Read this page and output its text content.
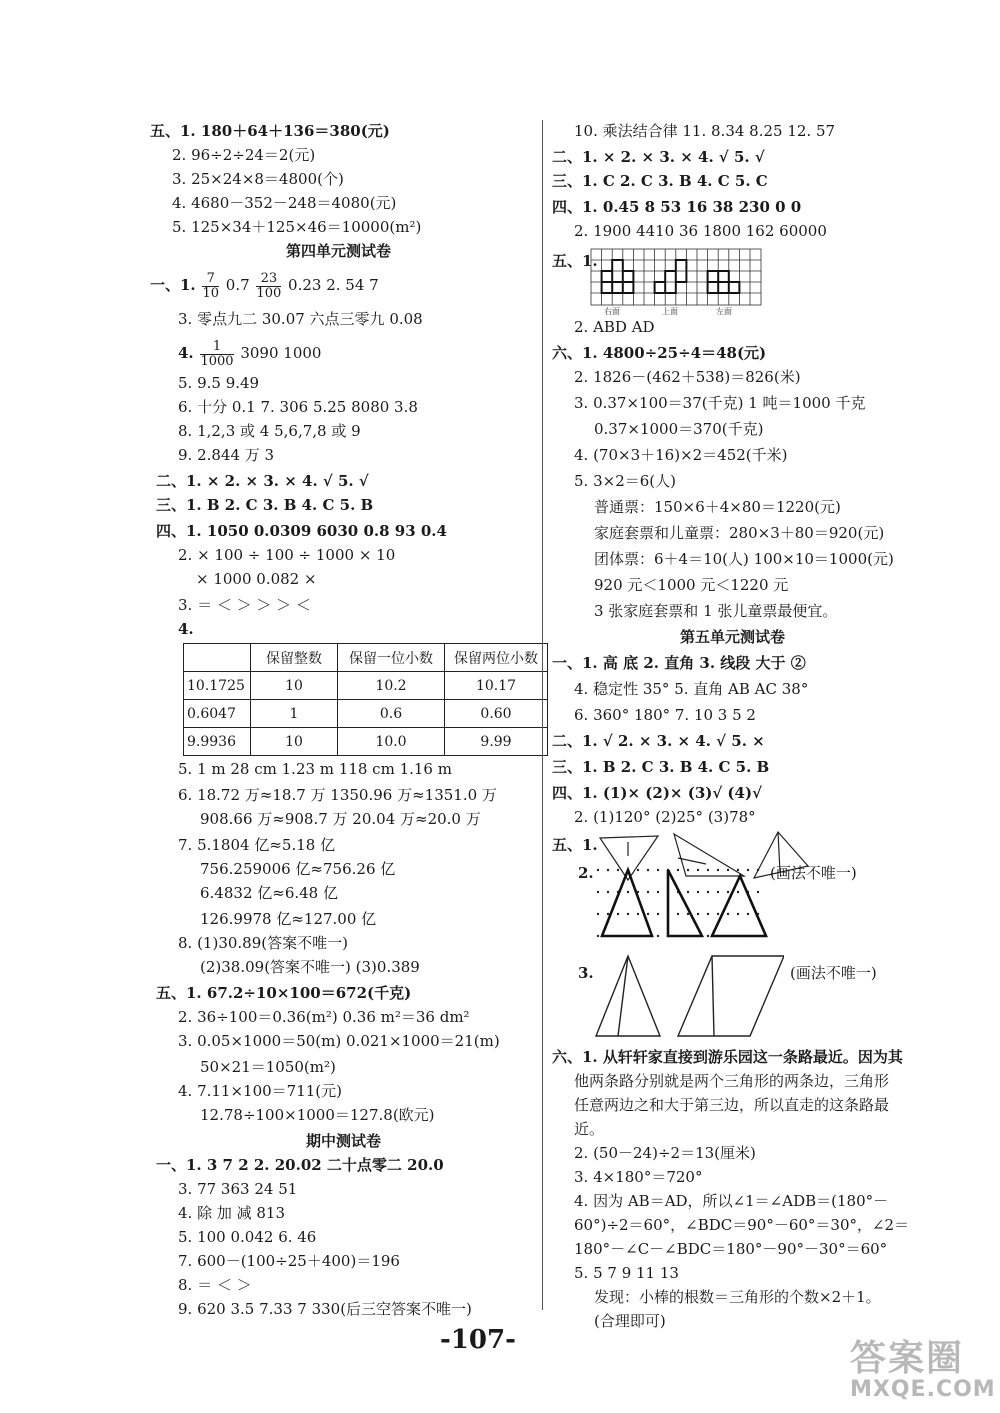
五、1. 180＋64＋136＝380(元)
2. 96÷2÷24＝2(元)
3. 25×24×8＝4800(个)
4. 4680－352－248＝4080(元)
5. 125×34＋125×46＝10000(m²)
第四单元测试卷
一、1. $\frac{7}{10} 0.7 \frac{23}{100} 0.23$ 2. 54 7
3. 零点九二 30.07 六点三零九 0.08
4. $\frac{1}{1000} 3090$ 1000
5. 9.5 9.49
6. 十分 0.1 7. 306 5.25 8080 3.8
8. 1,2,3 或 4 5,6,7,8 或 9
9. 2.844 万 3
二、1. × 2. × 3. × 4. √ 5. √
三、1. B 2. C 3. B 4. C 5. B
四、1. 1050 0.0309 6030 0.8 93 0.4
2. × 100 ÷ 100 ÷ 1000 × 10
× 1000 0.082 ×
3. ＝ ＜ ＞ ＞ ＞ ＜
4.
	保留整数	保留一位小数	保留两位小数
10.1725	10	10.2	10.17
0.6047	1	0.6	0.60
9.9936	10	10.0	9.99
5. 1 m 28 cm 1.23 m 118 cm 1.16 m
6. 18.72 万≈18.7 万 1350.96 万≈1351.0 万
908.66 万≈908.7 万 20.04 万≈20.0 万
7. 5.1804 亿≈5.18 亿
756.259006 亿≈756.26 亿
6.4832 亿≈6.48 亿
126.9978 亿≈127.00 亿
8. (1)30.89(答案不唯一)
(2)38.09(答案不唯一) (3)0.389
五、1. 67.2÷10×100＝672(千克)
2. 36÷100＝0.36(m²) 0.36 m²＝36 dm²
3. 0.05×1000＝50(m) 0.021×1000＝21(m)
50×21＝1050(m²)
4. 7.11×100＝711(元)
12.78÷100×1000＝127.8(欧元)
期中测试卷
一、1. 3 7 2 2. 20.02 二十点零二 20.0
3. 77 363 24 51
4. 除 加 减 813
5. 100 0.042 6. 46
7. 600－(100÷25＋400)＝196
8. ＝ ＜ ＞
9. 620 3.5 7.33 7 330(后三空答案不唯一)
10. 乘法结合律 11. 8.34 8.25 12. 57
二、1. × 2. × 3. × 4. √ 5. √
三、1. C 2. C 3. B 4. C 5. C
四、1. 0.45 8 53 16 38 230 0 0
2. 1900 4410 36 1800 162 60000
五、1.
右面	上面	左面
2. ABD AD
六、1. 4800÷25÷4＝48(元)
2. 1826－(462＋538)＝826(米)
3. 0.37×100＝37(千克) 1 吨＝1000 千克
0.37×1000＝370(千克)
4. (70×3＋16)×2＝452(千米)
5. 3×2＝6(人)
普通票：150×6＋4×80＝1220(元)
家庭套票和儿童票：280×3＋80＝920(元)
团体票：6＋4＝10(人) 100×10＝1000(元)
920 元＜1000 元＜1220 元
3 张家庭套票和 1 张儿童票最便宜。
第五单元测试卷
一、1. 高 底 2. 直角 3. 线段 大于 ②
4. 稳定性 35° 5. 直角 AB AC 38°
6. 360° 180° 7. 10 3 5 2
二、1. √ 2. × 3. × 4. √ 5. ×
三、1. B 2. C 3. B 4. C 5. B
四、1. (1)× (2)× (3)√ (4)√
2. (1)120° (2)25° (3)78°
五、1.
2.	(画法不唯一)
3.	(画法不唯一)
六、1. 从轩轩家直接到游乐园这一条路最近。因为其
他两条路分别就是两个三角形的两条边，三角形
任意两边之和大于第三边，所以直走的这条路最
近。
2. (50－24)÷2＝13(厘米)
3. 4×180°＝720°
4. 因为 AB＝AD，所以∠1＝∠ADB＝(180°－
60°)÷2＝60°，∠BDC＝90°－60°＝30°，∠2＝
180°－∠C－∠BDC＝180°－90°－30°＝60°
5. 5 7 9 11 13
发现：小棒的根数＝三角形的个数×2＋1。
(合理即可)
-107-	答案圈
MXQE.COM
